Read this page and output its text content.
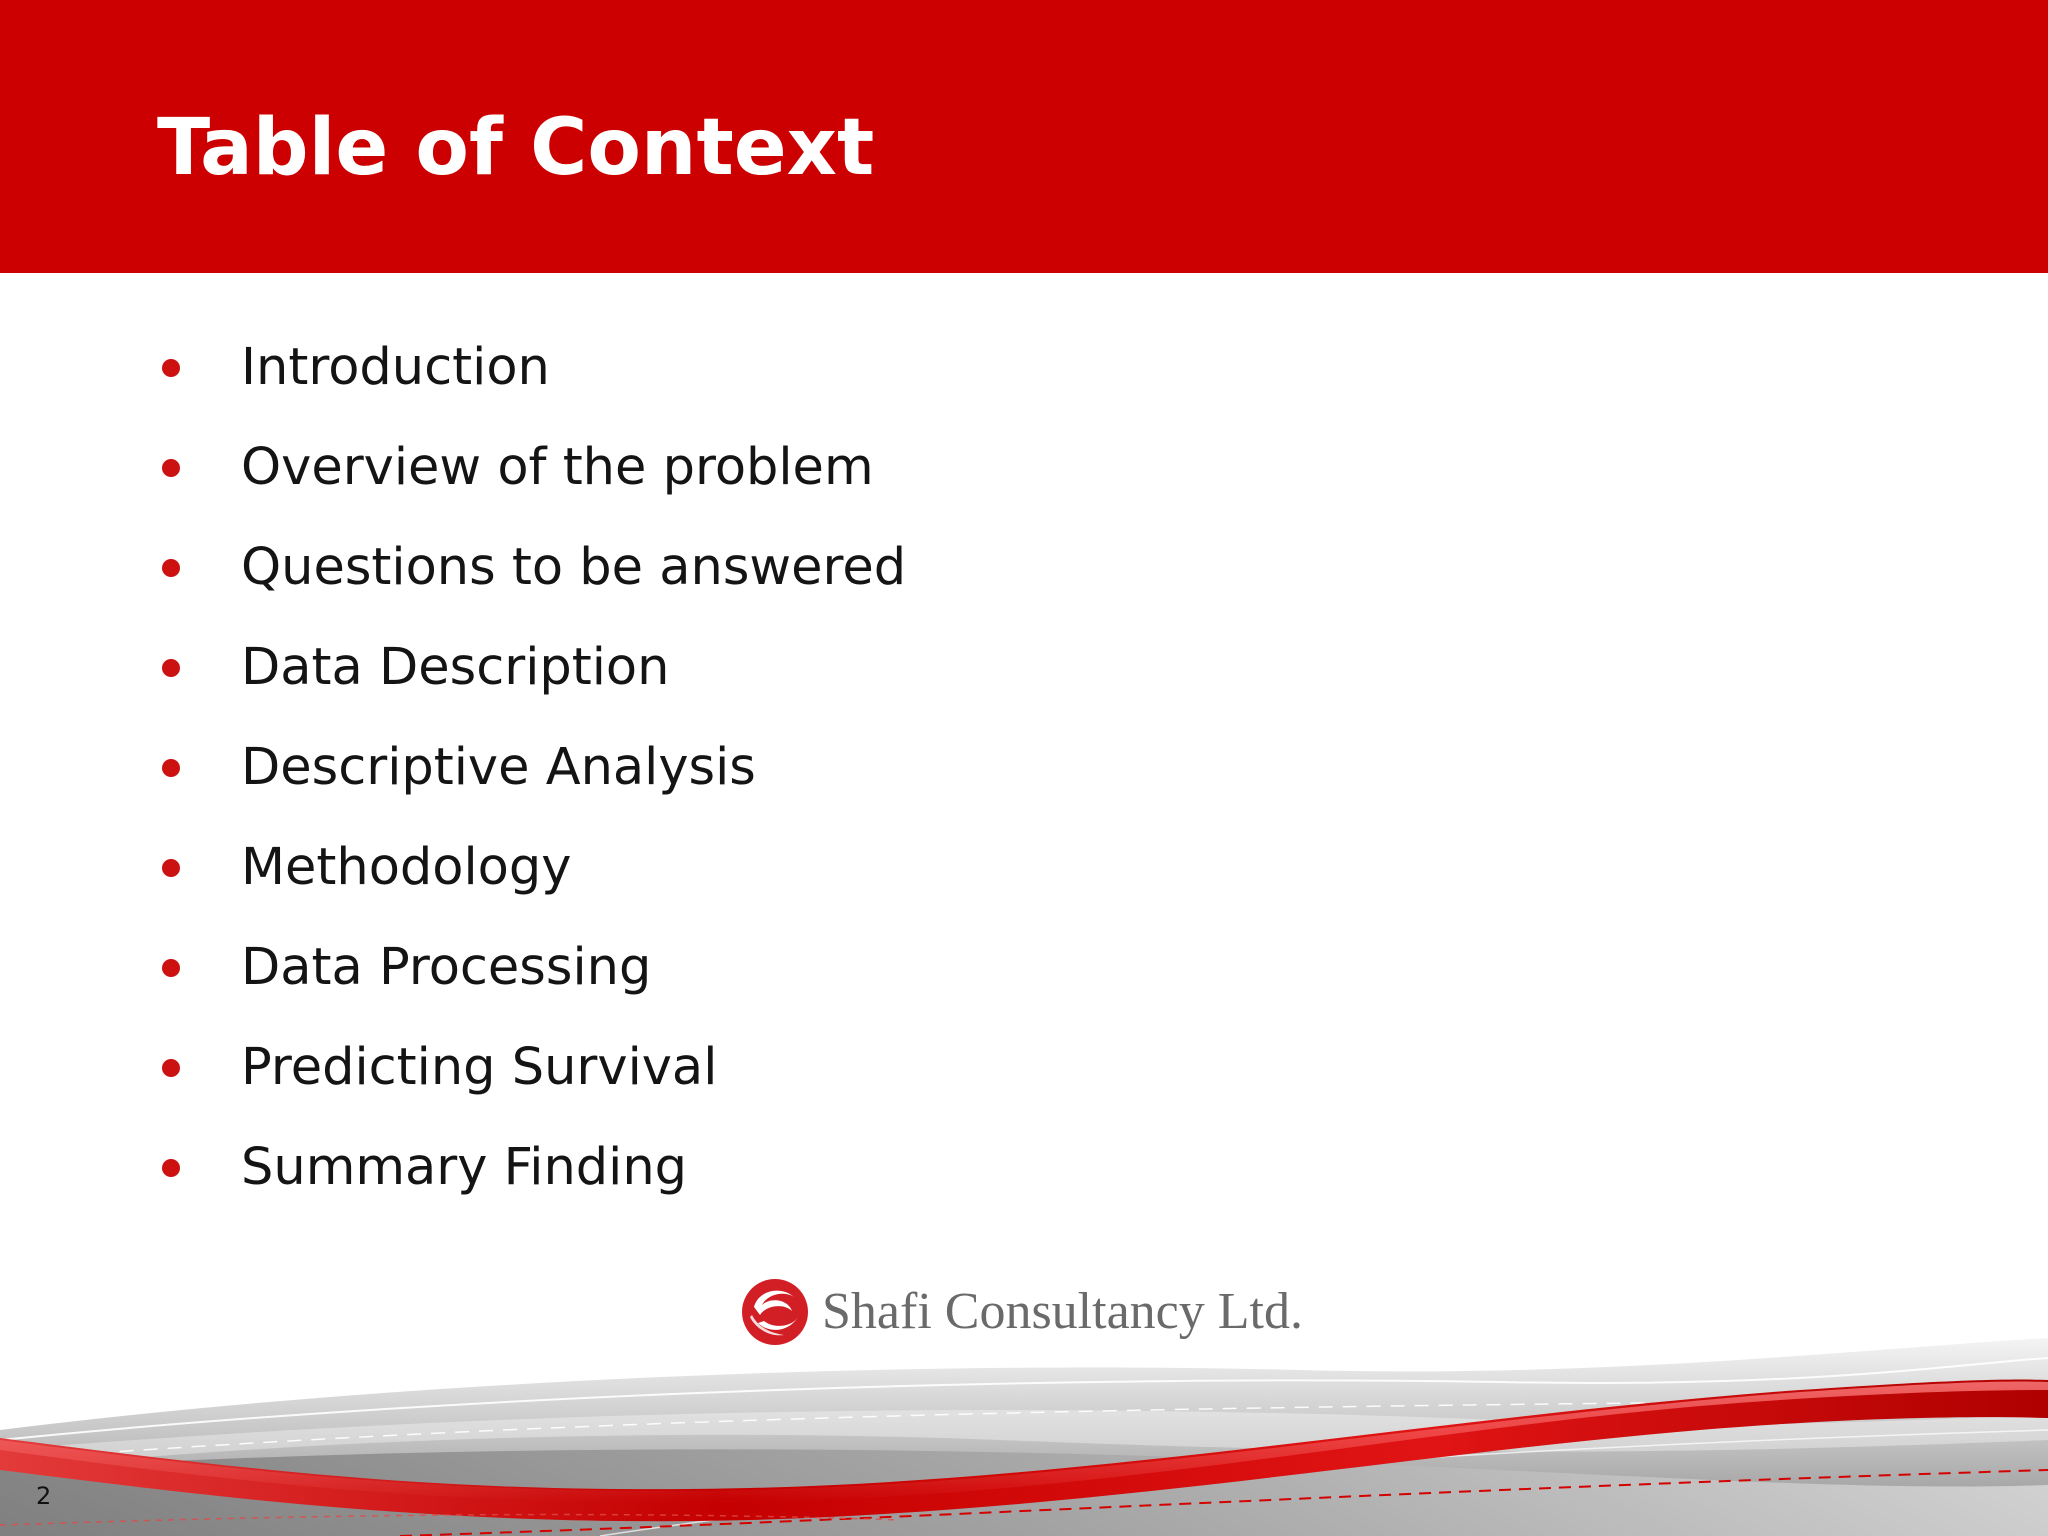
Table of Context
Introduction
Overview of the problem
Questions to be answered
Data Description
Descriptive Analysis
Methodology
Data Processing
Predicting Survival
Summary Finding
Shafi Consultancy Ltd.
2
